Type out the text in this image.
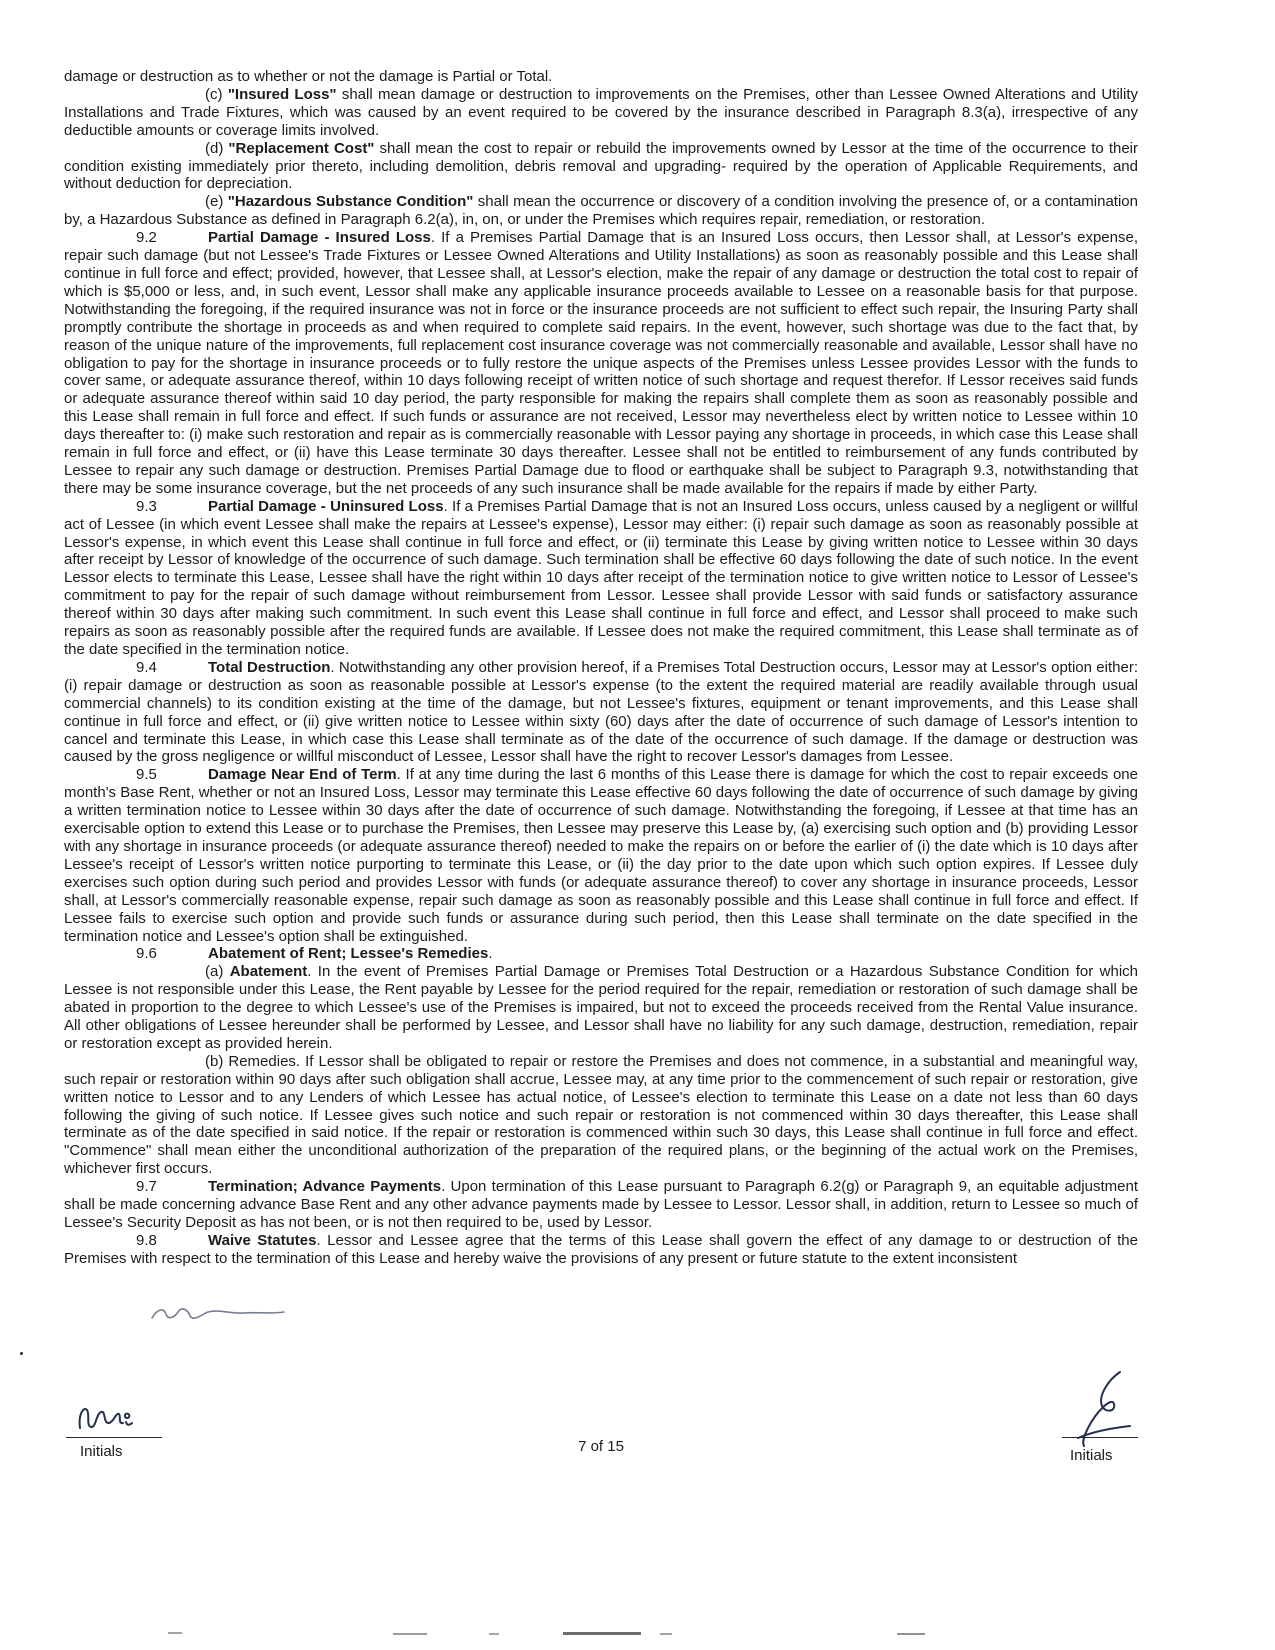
damage or destruction as to whether or not the damage is Partial or Total.

(c) "Insured Loss" shall mean damage or destruction to improvements on the Premises, other than Lessee Owned Alterations and Utility Installations and Trade Fixtures, which was caused by an event required to be covered by the insurance described in Paragraph 8.3(a), irrespective of any deductible amounts or coverage limits involved.

(d) "Replacement Cost" shall mean the cost to repair or rebuild the improvements owned by Lessor at the time of the occurrence to their condition existing immediately prior thereto, including demolition, debris removal and upgrading- required by the operation of Applicable Requirements, and without deduction for depreciation.

(e) "Hazardous Substance Condition" shall mean the occurrence or discovery of a condition involving the presence of, or a contamination by, a Hazardous Substance as defined in Paragraph 6.2(a), in, on, or under the Premises which requires repair, remediation, or restoration.

9.2	Partial Damage - Insured Loss. If a Premises Partial Damage that is an Insured Loss occurs, then Lessor shall, at Lessor's expense, repair such damage (but not Lessee's Trade Fixtures or Lessee Owned Alterations and Utility Installations) as soon as reasonably possible and this Lease shall continue in full force and effect; provided, however, that Lessee shall, at Lessor's election, make the repair of any damage or destruction the total cost to repair of which is $5,000 or less, and, in such event, Lessor shall make any applicable insurance proceeds available to Lessee on a reasonable basis for that purpose. Notwithstanding the foregoing, if the required insurance was not in force or the insurance proceeds are not sufficient to effect such repair, the Insuring Party shall promptly contribute the shortage in proceeds as and when required to complete said repairs. In the event, however, such shortage was due to the fact that, by reason of the unique nature of the improvements, full replacement cost insurance coverage was not commercially reasonable and available, Lessor shall have no obligation to pay for the shortage in insurance proceeds or to fully restore the unique aspects of the Premises unless Lessee provides Lessor with the funds to cover same, or adequate assurance thereof, within 10 days following receipt of written notice of such shortage and request therefor. If Lessor receives said funds or adequate assurance thereof within said 10 day period, the party responsible for making the repairs shall complete them as soon as reasonably possible and this Lease shall remain in full force and effect. If such funds or assurance are not received, Lessor may nevertheless elect by written notice to Lessee within 10 days thereafter to: (i) make such restoration and repair as is commercially reasonable with Lessor paying any shortage in proceeds, in which case this Lease shall remain in full force and effect, or (ii) have this Lease terminate 30 days thereafter. Lessee shall not be entitled to reimbursement of any funds contributed by Lessee to repair any such damage or destruction. Premises Partial Damage due to flood or earthquake shall be subject to Paragraph 9.3, notwithstanding that there may be some insurance coverage, but the net proceeds of any such insurance shall be made available for the repairs if made by either Party.

9.3	Partial Damage - Uninsured Loss. If a Premises Partial Damage that is not an Insured Loss occurs, unless caused by a negligent or willful act of Lessee (in which event Lessee shall make the repairs at Lessee's expense), Lessor may either: (i) repair such damage as soon as reasonably possible at Lessor's expense, in which event this Lease shall continue in full force and effect, or (ii) terminate this Lease by giving written notice to Lessee within 30 days after receipt by Lessor of knowledge of the occurrence of such damage. Such termination shall be effective 60 days following the date of such notice. In the event Lessor elects to terminate this Lease, Lessee shall have the right within 10 days after receipt of the termination notice to give written notice to Lessor of Lessee's commitment to pay for the repair of such damage without reimbursement from Lessor. Lessee shall provide Lessor with said funds or satisfactory assurance thereof within 30 days after making such commitment. In such event this Lease shall continue in full force and effect, and Lessor shall proceed to make such repairs as soon as reasonably possible after the required funds are available. If Lessee does not make the required commitment, this Lease shall terminate as of the date specified in the termination notice.

9.4	Total Destruction. Notwithstanding any other provision hereof, if a Premises Total Destruction occurs, Lessor may at Lessor's option either: (i) repair damage or destruction as soon as reasonable possible at Lessor's expense (to the extent the required material are readily available through usual commercial channels) to its condition existing at the time of the damage, but not Lessee's fixtures, equipment or tenant improvements, and this Lease shall continue in full force and effect, or (ii) give written notice to Lessee within sixty (60) days after the date of occurrence of such damage of Lessor's intention to cancel and terminate this Lease, in which case this Lease shall terminate as of the date of the occurrence of such damage. If the damage or destruction was caused by the gross negligence or willful misconduct of Lessee, Lessor shall have the right to recover Lessor's damages from Lessee.

9.5	Damage Near End of Term. If at any time during the last 6 months of this Lease there is damage for which the cost to repair exceeds one month's Base Rent, whether or not an Insured Loss, Lessor may terminate this Lease effective 60 days following the date of occurrence of such damage by giving a written termination notice to Lessee within 30 days after the date of occurrence of such damage. Notwithstanding the foregoing, if Lessee at that time has an exercisable option to extend this Lease or to purchase the Premises, then Lessee may preserve this Lease by, (a) exercising such option and (b) providing Lessor with any shortage in insurance proceeds (or adequate assurance thereof) needed to make the repairs on or before the earlier of (i) the date which is 10 days after Lessee's receipt of Lessor's written notice purporting to terminate this Lease, or (ii) the day prior to the date upon which such option expires. If Lessee duly exercises such option during such period and provides Lessor with funds (or adequate assurance thereof) to cover any shortage in insurance proceeds, Lessor shall, at Lessor's commercially reasonable expense, repair such damage as soon as reasonably possible and this Lease shall continue in full force and effect. If Lessee fails to exercise such option and provide such funds or assurance during such period, then this Lease shall terminate on the date specified in the termination notice and Lessee's option shall be extinguished.

9.6	Abatement of Rent; Lessee's Remedies.

(a) Abatement. In the event of Premises Partial Damage or Premises Total Destruction or a Hazardous Substance Condition for which Lessee is not responsible under this Lease, the Rent payable by Lessee for the period required for the repair, remediation or restoration of such damage shall be abated in proportion to the degree to which Lessee's use of the Premises is impaired, but not to exceed the proceeds received from the Rental Value insurance. All other obligations of Lessee hereunder shall be performed by Lessee, and Lessor shall have no liability for any such damage, destruction, remediation, repair or restoration except as provided herein.

(b) Remedies. If Lessor shall be obligated to repair or restore the Premises and does not commence, in a substantial and meaningful way, such repair or restoration within 90 days after such obligation shall accrue, Lessee may, at any time prior to the commencement of such repair or restoration, give written notice to Lessor and to any Lenders of which Lessee has actual notice, of Lessee's election to terminate this Lease on a date not less than 60 days following the giving of such notice. If Lessee gives such notice and such repair or restoration is not commenced within 30 days thereafter, this Lease shall terminate as of the date specified in said notice. If the repair or restoration is commenced within such 30 days, this Lease shall continue in full force and effect. "Commence" shall mean either the unconditional authorization of the preparation of the required plans, or the beginning of the actual work on the Premises, whichever first occurs.

9.7	Termination; Advance Payments. Upon termination of this Lease pursuant to Paragraph 6.2(g) or Paragraph 9, an equitable adjustment shall be made concerning advance Base Rent and any other advance payments made by Lessee to Lessor. Lessor shall, in addition, return to Lessee so much of Lessee's Security Deposit as has not been, or is not then required to be, used by Lessor.

9.8	Waive Statutes. Lessor and Lessee agree that the terms of this Lease shall govern the effect of any damage to or destruction of the Premises with respect to the termination of this Lease and hereby waive the provisions of any present or future statute to the extent inconsistent

Initials	7 of 15
Initials
